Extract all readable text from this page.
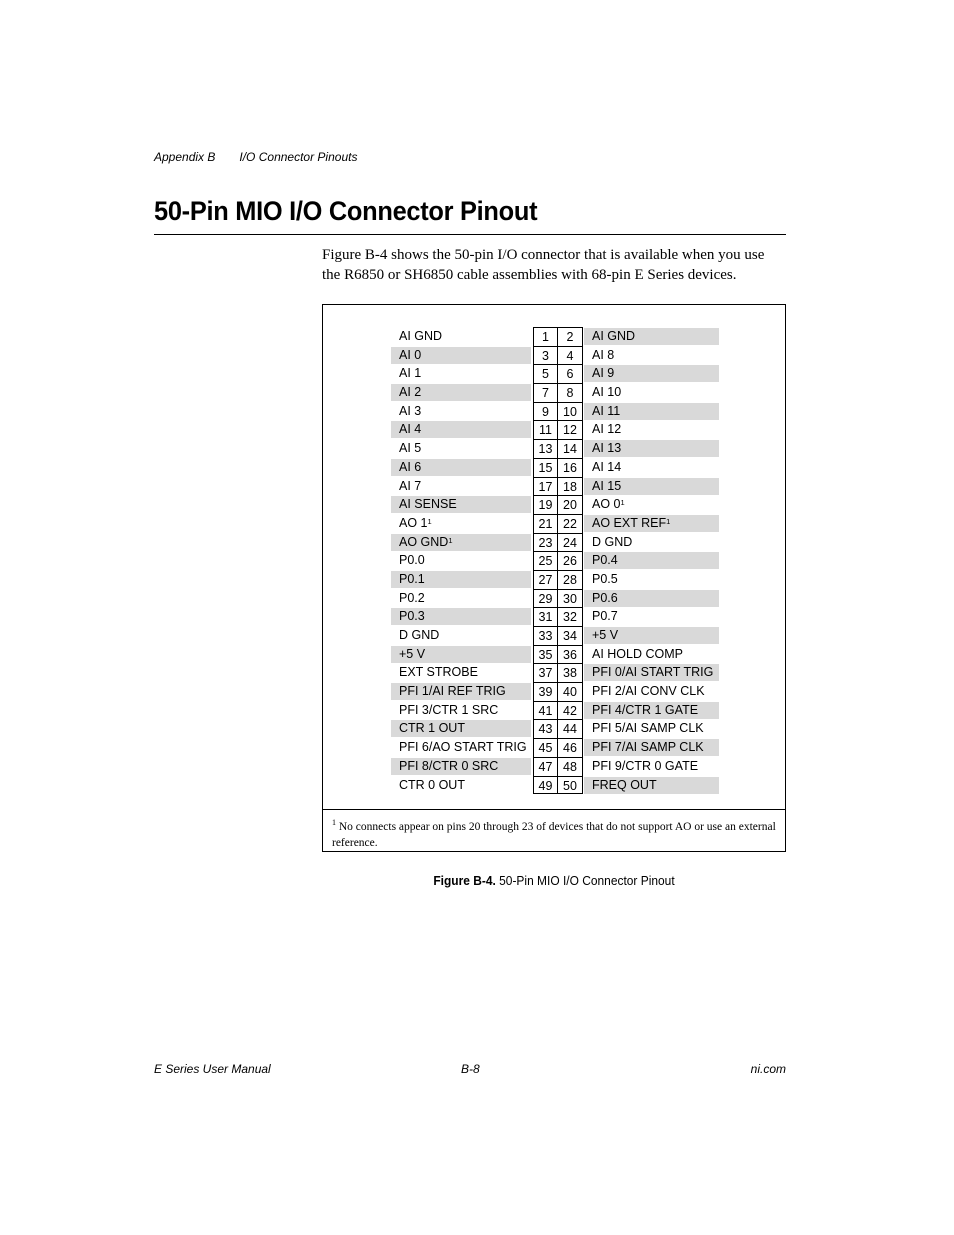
Appendix B I/O Connector Pinouts
50-Pin MIO I/O Connector Pinout
Figure B-4 shows the 50-pin I/O connector that is available when you use the R6850 or SH6850 cable assemblies with 68-pin E Series devices.
AI GND	1	2	AI GND
AI 0	3	4	AI 8
AI 1	5	6	AI 9
AI 2	7	8	AI 10
AI 3	9	10	AI 11
AI 4	11 12	AI 12
AI 5	13 14	AI 13
AI 6	15 16	AI 14
AI 7	17 18	AI 15
AI SENSE	19 20	AO $0^1$
AO $1^1$	21 22	AO EXT REF$^1$
AO GND$^1$	23 24	D GND
P0.0	25 26	P0.4
P0.1	27 28	P0.5
P0.2	29 30	P0.6
P0.3	31 32	P0.7
D GND	33 34	+5 V
+5 V	35 36	AI HOLD COMP
EXT STROBE	37 38	PFI 0/AI START TRIG
PFI 1/AI REF TRIG	39 40	PFI 2/AI CONV CLK
PFI 3/CTR 1 SRC	41 42	PFI 4/CTR 1 GATE
CTR 1 OUT	43 44	PFI 5/AI SAMP CLK
PFI 6/AO START TRIG 45 46	PFI 7/AI SAMP CLK
PFI 8/CTR 0 SRC	47 48	PFI 9/CTR 0 GATE
CTR 0 OUT	49 50	FREQ OUT
$^1$ No connects appear on pins 20 through 23 of devices that do not support AO or use an external reference.
Figure B-4. 50-Pin MIO I/O Connector Pinout
E Series User Manual	B-8	ni.com
